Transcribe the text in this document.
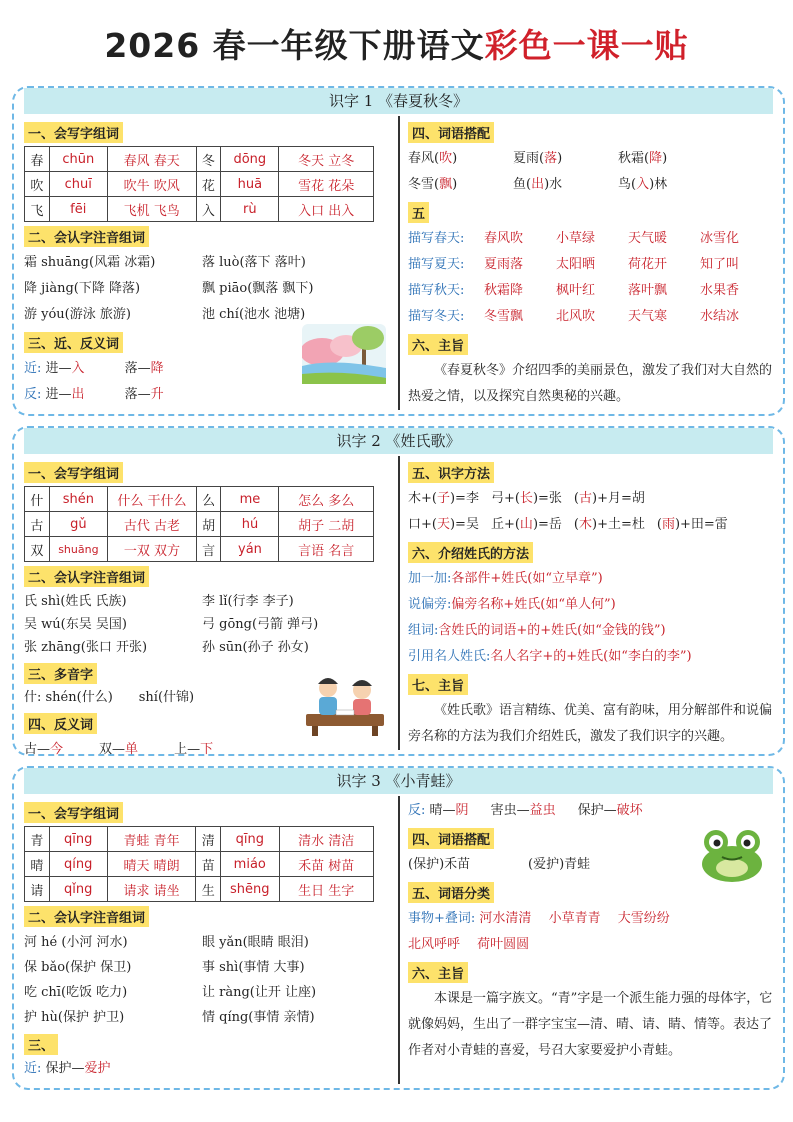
2026 春一年级下册语文彩色一课一贴
识字 1 《春夏秋冬》
一、会写字组词
春	chūn	春风 春天	冬	dōng	冬天 立冬
吹	chuī	吹牛 吹风	花	huā	雪花 花朵
飞	fēi	飞机 飞鸟	入	rù	入口 出入
二、会认字注音组词
霜 shuāng(风霜 冰霜)	落 luò(落下 落叶)
降 jiàng(下降 降落)	飘 piāo(飘落 飘下)
游 yóu(游泳 旅游)	池 chí(池水 池塘)
三、近、反义词
近: 进—入	落—降
反: 进—出	落—升
四、词语搭配
春风(吹)	夏雨(落)	秋霜(降)
冬雪(飘)	鱼(出)水	鸟(入)林
五
描写春天: 春风吹	小草绿	天气暖	冰雪化
描写夏天: 夏雨落	太阳晒	荷花开	知了叫
描写秋天: 秋霜降	枫叶红	落叶飘	水果香
描写冬天: 冬雪飘	北风吹	天气寒	水结冰
六、主旨
《春夏秋冬》介绍四季的美丽景色，激发了我们对大自然的热爱之情，以及探究自然奥秘的兴趣。
识字 2 《姓氏歌》
一、会写字组词
什	shén	什么 干什么	么	me	怎么 多么
古	gǔ	古代 古老	胡	hú	胡子 二胡
双	shuāng	一双 双方	言	yán	言语 名言
二、会认字注音组词
氏 shì(姓氏 氏族)	李 lǐ(行李 李子)
吴 wú(东吴 吴国)	弓 gōng(弓箭 弹弓)
张 zhāng(张口 开张)	孙 sūn(孙子 孙女)
三、多音字
什: shén(什么)　　shí(什锦)
四、反义词
古—今	双—单	上—下
五、识字方法
木+(子)=李 弓+(长)=张 (古)+月=胡
口+(天)=吴 丘+(山)=岳 (木)+土=杜 (雨)+田=雷
六、介绍姓氏的方法
加一加:各部件+姓氏(如“立早章”)
说偏旁:偏旁名称+姓氏(如“单人何”)
组词:含姓氏的词语+的+姓氏(如“金钱的钱”)
引用名人姓氏:名人名字+的+姓氏(如“李白的李”)
七、主旨
《姓氏歌》语言精练、优美、富有韵味，用分解部件和说偏旁名称的方法为我们介绍姓氏，激发了我们识字的兴趣。
识字 3 《小青蛙》
一、会写字组词
青	qīng	青蛙 青年	清	qīng	清水 清洁
晴	qíng	晴天 晴朗	苗	miáo	禾苗 树苗
请	qǐng	请求 请坐	生	shēng	生日 生字
二、会认字注音组词
河 hé (小河 河水)	眼 yǎn(眼睛 眼泪)
保 bǎo(保护 保卫)	事 shì(事情 大事)
吃 chī(吃饭 吃力)	让 ràng(让开 让座)
护 hù(保护 护卫)	情 qíng(事情 亲情)
三、
近: 保护—爱护
反: 晴—阴 害虫—益虫 保护—破坏
四、词语搭配
(保护)禾苗	(爱护)青蛙
五、词语分类
事物+叠词: 河水清清　 小草青青　 大雪纷纷
北风呼呼　 荷叶圆圆
六、主旨
本课是一篇字族文。“青”字是一个派生能力强的母体字，它就像妈妈，生出了一群字宝宝—清、晴、请、睛、情等。表达了作者对小青蛙的喜爱，号召大家要爱护小青蛙。
